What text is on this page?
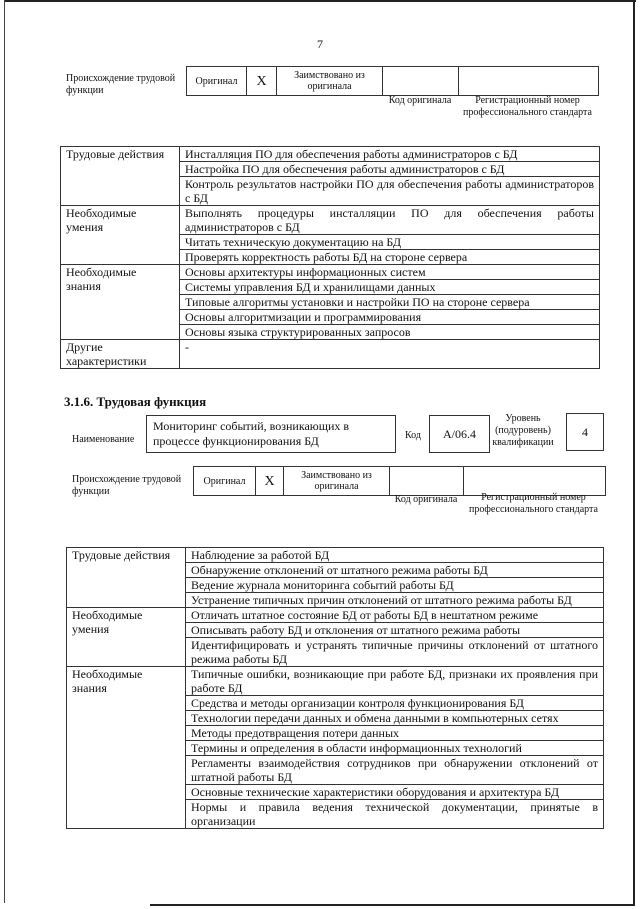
7
Происхождение трудовой функции
Оригинал	X	Заимствовано из оригинала
Код оригинала	Регистрационный номер профессионального стандарта
Трудовые действия	Инсталляция ПО для обеспечения работы администраторов с БД
	Настройка ПО для обеспечения работы администраторов с БД
	Контроль результатов настройки ПО для обеспечения работы администраторов с БД
Необходимые умения	Выполнять процедуры инсталляции ПО для обеспечения работы администраторов с БД
	Читать техническую документацию на БД
	Проверять корректность работы БД на стороне сервера
Необходимые знания	Основы архитектуры информационных систем
	Системы управления БД и хранилищами данных
	Типовые алгоритмы установки и настройки ПО на стороне сервера
	Основы алгоритмизации и программирования
	Основы языка структурированных запросов
Другие характеристики	-
3.1.6. Трудовая функция
Наименование
Мониторинг событий, возникающих в процессе функционирования БД	Код	A/06.4
Уровень (подуровень) квалификации
4
Происхождение трудовой функции
Оригинал	X	Заимствовано из оригинала
Код оригинала	Регистрационный номер профессионального стандарта
Трудовые действия	Наблюдение за работой БД
	Обнаружение отклонений от штатного режима работы БД
	Ведение журнала мониторинга событий работы БД
	Устранение типичных причин отклонений от штатного режима работы БД
Необходимые умения	Отличать штатное состояние БД от работы БД в нештатном режиме
	Описывать работу БД и отклонения от штатного режима работы
	Идентифицировать и устранять типичные причины отклонений от штатного режима работы БД
Необходимые знания	Типичные ошибки, возникающие при работе БД, признаки их проявления при работе БД
	Средства и методы организации контроля функционирования БД
	Технологии передачи данных и обмена данными в компьютерных сетях
	Методы предотвращения потери данных
	Термины и определения в области информационных технологий
	Регламенты взаимодействия сотрудников при обнаружении отклонений от штатной работы БД
	Основные технические характеристики оборудования и архитектура БД
	Нормы и правила ведения технической документации, принятые в организации
